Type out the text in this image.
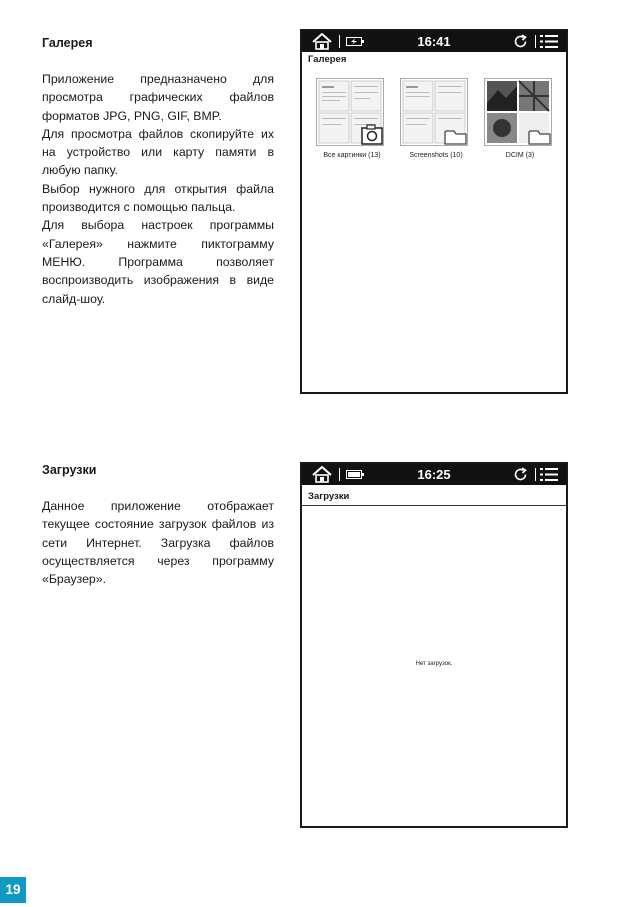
Галерея

Приложение предназначено для просмотра графических файлов форматов JPG, PNG, GIF, BMP.

Для просмотра файлов скопируйте их на устройство или карту памяти в любую папку.

Выбор нужного для открытия файла производится с помощью пальца.

Для выбора настроек программы «Галерея» нажмите пиктограмму МЕНЮ. Программа позволяет воспроизводить изображения в виде слайд-шоу.

16:41
Галерея
Все картинки (13)	Screenshots (10)	DCIM (3)
Загрузки

Данное приложение отображает текущее состояние загрузок файлов из сети Интернет. Загрузка файлов осуществляется через программу «Браузер».

16:25
Загрузки
Нет загрузок.
19
